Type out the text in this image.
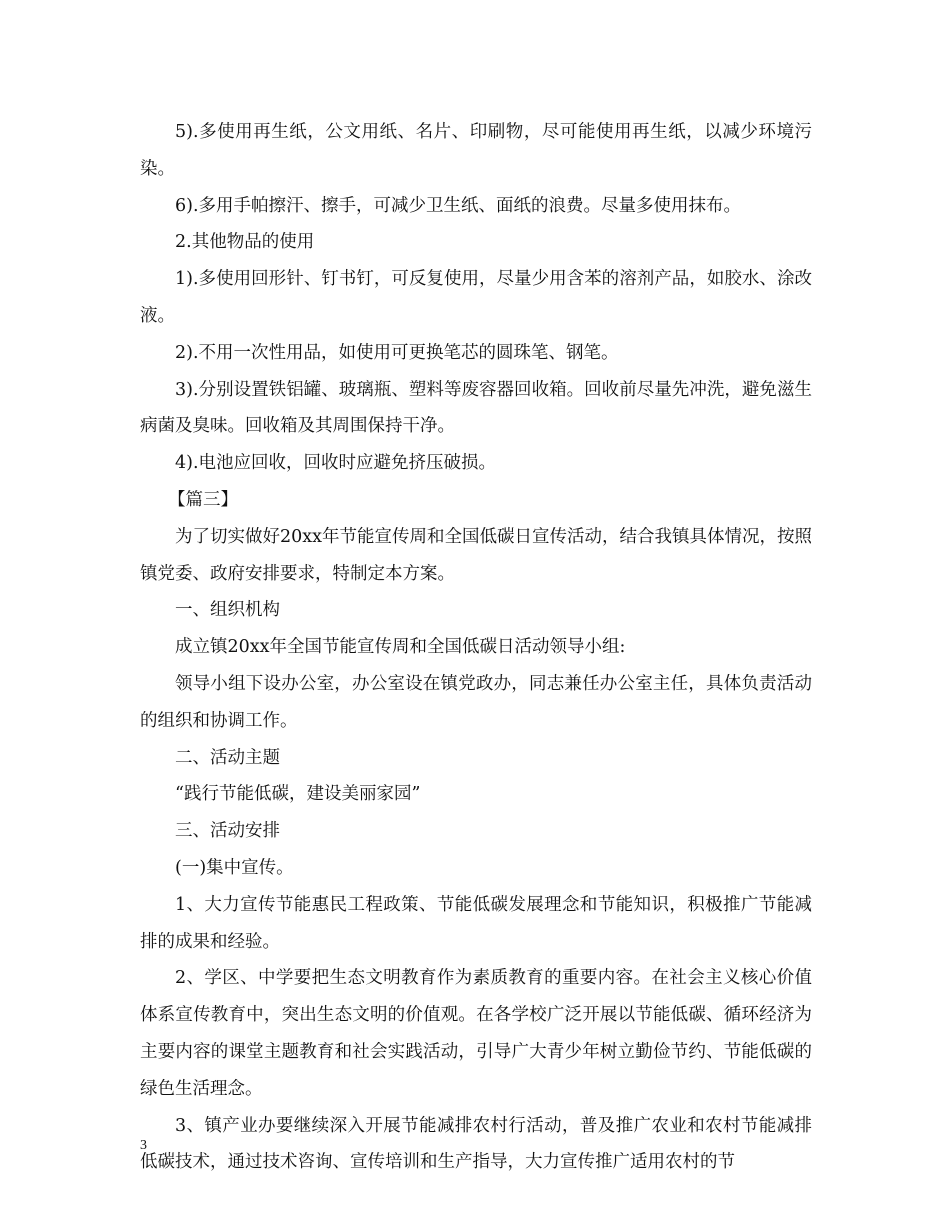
5).多使用再生纸，公文用纸、名片、印刷物，尽可能使用再生纸，以减少环境污染。

6).多用手帕擦汗、擦手，可减少卫生纸、面纸的浪费。尽量多使用抹布。

2.其他物品的使用

1).多使用回形针、钉书钉，可反复使用，尽量少用含苯的溶剂产品，如胶水、涂改液。

2).不用一次性用品，如使用可更换笔芯的圆珠笔、钢笔。

3).分别设置铁铝罐、玻璃瓶、塑料等废容器回收箱。回收前尽量先冲洗，避免滋生病菌及臭味。回收箱及其周围保持干净。

4).电池应回收，回收时应避免挤压破损。

【篇三】

为了切实做好20xx年节能宣传周和全国低碳日宣传活动，结合我镇具体情况，按照镇党委、政府安排要求，特制定本方案。

一、组织机构

成立镇20xx年全国节能宣传周和全国低碳日活动领导小组:

领导小组下设办公室，办公室设在镇党政办，同志兼任办公室主任，具体负责活动的组织和协调工作。

二、活动主题

“践行节能低碳，建设美丽家园”

三、活动安排

(一)集中宣传。

1、大力宣传节能惠民工程政策、节能低碳发展理念和节能知识，积极推广节能减排的成果和经验。

2、学区、中学要把生态文明教育作为素质教育的重要内容。在社会主义核心价值体系宣传教育中，突出生态文明的价值观。在各学校广泛开展以节能低碳、循环经济为主要内容的课堂主题教育和社会实践活动，引导广大青少年树立勤俭节约、节能低碳的绿色生活理念。

3、镇产业办要继续深入开展节能减排农村行活动，普及推广农业和农村节能减排低碳技术，通过技术咨询、宣传培训和生产指导，大力宣传推广适用农村的节

3
